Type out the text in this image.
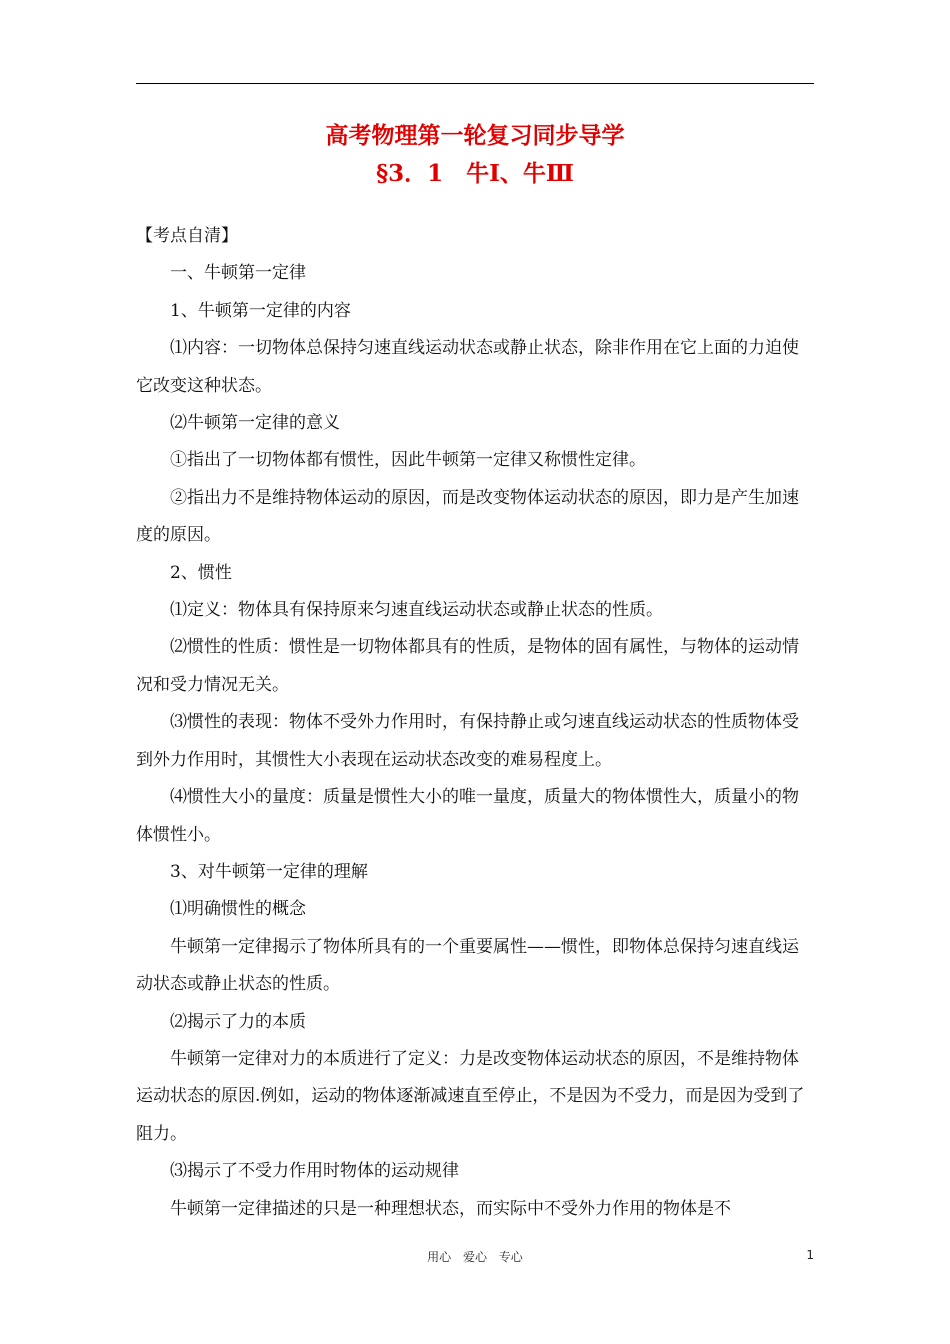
高考物理第一轮复习同步导学
§3．1　牛Ⅰ、牛Ⅲ

【考点自清】

一、牛顿第一定律

1、牛顿第一定律的内容

⑴内容：一切物体总保持匀速直线运动状态或静止状态，除非作用在它上面的力迫使它改变这种状态。

⑵牛顿第一定律的意义

①指出了一切物体都有惯性，因此牛顿第一定律又称惯性定律。

②指出力不是维持物体运动的原因，而是改变物体运动状态的原因，即力是产生加速度的原因。

2、惯性

⑴定义：物体具有保持原来匀速直线运动状态或静止状态的性质。

⑵惯性的性质：惯性是一切物体都具有的性质，是物体的固有属性，与物体的运动情况和受力情况无关。

⑶惯性的表现：物体不受外力作用时，有保持静止或匀速直线运动状态的性质物体受到外力作用时，其惯性大小表现在运动状态改变的难易程度上。

⑷惯性大小的量度：质量是惯性大小的唯一量度，质量大的物体惯性大，质量小的物体惯性小。

3、对牛顿第一定律的理解

⑴明确惯性的概念

牛顿第一定律揭示了物体所具有的一个重要属性——惯性，即物体总保持匀速直线运动状态或静止状态的性质。

⑵揭示了力的本质

牛顿第一定律对力的本质进行了定义：力是改变物体运动状态的原因，不是维持物体运动状态的原因.例如，运动的物体逐渐减速直至停止，不是因为不受力，而是因为受到了阻力。

⑶揭示了不受力作用时物体的运动规律

牛顿第一定律描述的只是一种理想状态，而实际中不受外力作用的物体是不

用心 爱心 专心	1
